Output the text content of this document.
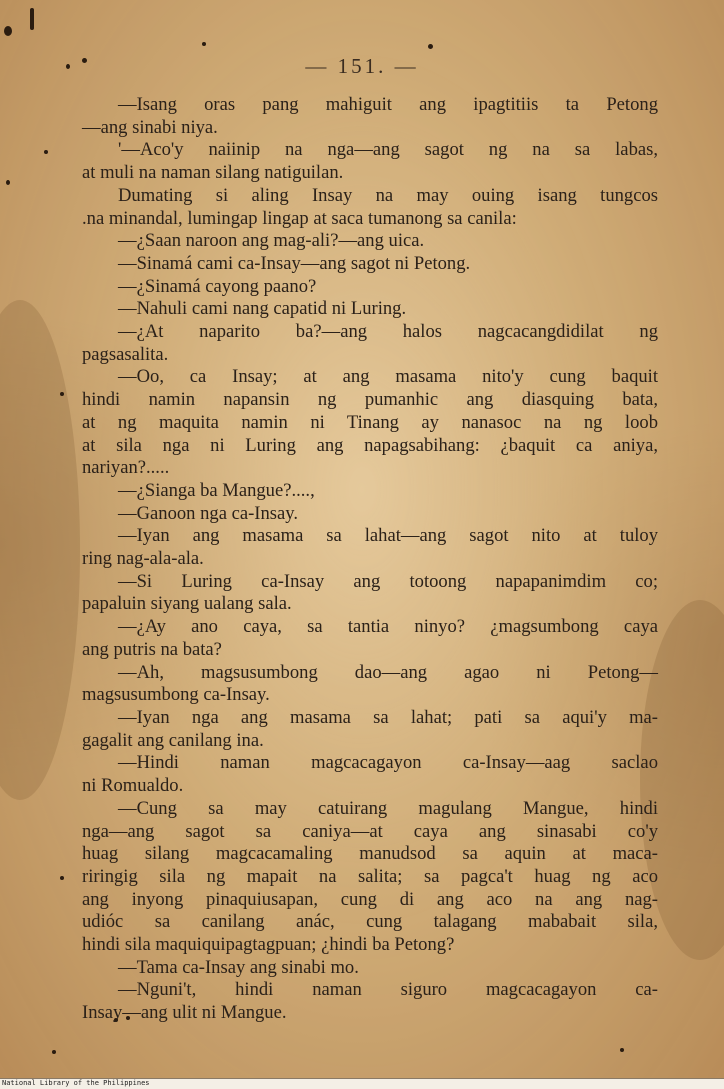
— 151. —
—Isang oras pang mahiguit ang ipagtitiis ta Petong
—ang sinabi niya.
'—Aco'y naiinip na nga—ang sagot ng na sa labas,
at muli na naman silang natiguilan.
Dumating si aling Insay na may ouing isang tungcos
.na minandal, lumingap lingap at saca tumanong sa canila:
—¿Saan naroon ang mag-ali?—ang uica.
—Sinamá cami ca-Insay—ang sagot ni Petong.
—¿Sinamá cayong paano?
—Nahuli cami nang capatid ni Luring.
—¿At naparito ba?—ang halos nagcacangdidilat ng
pagsasalita.
—Oo, ca Insay; at ang masama nito'y cung baquit
hindi namin napansin ng pumanhic ang diasquing bata,
at ng maquita namin ni Tinang ay nanasoc na ng loob
at sila nga ni Luring ang napagsabihang: ¿baquit ca aniya,
nariyan?.....
—¿Sianga ba Mangue?....,
—Ganoon nga ca-Insay.
—Iyan ang masama sa lahat—ang sagot nito at tuloy
ring nag-ala-ala.
—Si Luring ca-Insay ang totoong napapanimdim co;
papaluin siyang ualang sala.
—¿Ay ano caya, sa tantia ninyo? ¿magsumbong caya
ang putris na bata?
—Ah, magsusumbong dao—ang agao ni Petong—
magsusumbong ca-Insay.
—Iyan nga ang masama sa lahat; pati sa aqui'y ma-
gagalit ang canilang ina.
—Hindi naman magcacagayon ca-Insay—aag saclao
ni Romualdo.
—Cung sa may catuirang magulang Mangue, hindi
nga—ang sagot sa caniya—at caya ang sinasabi co'y
huag silang magcacamaling manudsod sa aquin at maca-
riringig sila ng mapait na salita; sa pagca't huag ng aco
ang inyong pinaquiusapan, cung di ang aco na ang nag-
udióc sa canilang anác, cung talagang mababait sila,
hindi sila maquiquipagtagpuan; ¿hindi ba Petong?
—Tama ca-Insay ang sinabi mo.
—Nguni't, hindi naman siguro magcacagayon ca-
Insay—ang ulit ni Mangue.
National Library of the Philippines
